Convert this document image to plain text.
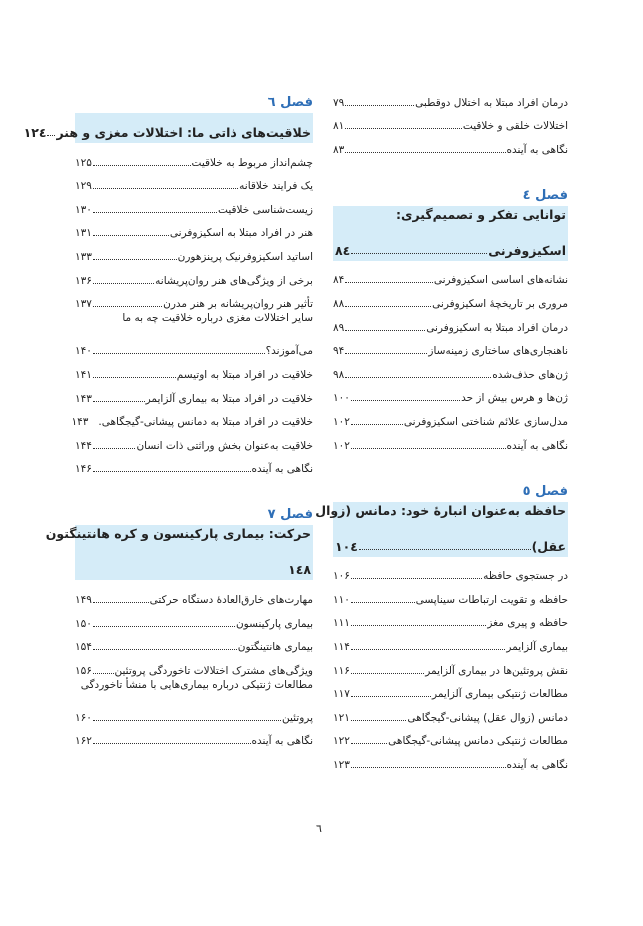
درمان افراد مبتلا به اختلال دوقطبی
۷۹
اختلالات خلقی و خلاقیت
۸۱
نگاهی به آینده
۸۳
فصل ٤
توانایی تفکر و تصمیم‌گیری:
اسکیزوفرنی
۸٤
نشانه‌های اساسی اسکیزوفرنی
۸۴
مروری بر تاریخچهٔ اسکیزوفرنی
۸۸
درمان افراد مبتلا به اسکیزوفرنی
۸۹
ناهنجاری‌های ساختاری زمینه‌ساز
۹۴
ژن‌های حذف‌شده
۹۸
ژن‌ها و هرس بیش از حد
۱۰۰
مدل‌سازی علائم شناختی اسکیزوفرنی
۱۰۲
نگاهی به آینده
۱۰۲
فصل ٥
حافظه به‌عنوان انبارهٔ خود: دمانس (زوال
عقل)
۱۰٤
در جستجوی حافظه
۱۰۶
حافظه و تقویت ارتباطات سیناپسی
۱۱۰
حافظه و پیری مغز
۱۱۱
بیماری آلزایمر
۱۱۴
نقش پروتئین‌ها در بیماری آلزایمر
۱۱۶
مطالعات ژنتیکی بیماری آلزایمر
۱۱۷
دمانس (زوال عقل) پیشانی-گیجگاهی
۱۲۱
مطالعات ژنتیکی دمانس پیشانی-گیجگاهی
۱۲۲
نگاهی به آینده
۱۲۳
فصل ٦
خلاقیت‌های ذاتی ما: اختلالات مغزی و هنر
۱۲٤
چشم‌انداز مربوط به خلاقیت
۱۲۵
یک فرایند خلاقانه
۱۲۹
زیست‌شناسی خلاقیت
۱۳۰
هنر در افراد مبتلا به اسکیزوفرنی
۱۳۱
اساتید اسکیزوفرنیک پرینزهورن
۱۳۳
برخی از ویژگی‌های هنر روان‌پریشانه
۱۳۶
تأثیر هنر روان‌پریشانه بر هنر مدرن
۱۳۷
سایر اختلالات مغزی درباره خلاقیت چه به ما
می‌آموزند؟
۱۴۰
خلاقیت در افراد مبتلا به اوتیسم
۱۴۱
خلاقیت در افراد مبتلا به بیماری آلزایمر
۱۴۳
خلاقیت در افراد مبتلا به دمانس پیشانی-گیجگاهی.
۱۴۳
خلاقیت به‌عنوان بخش وراثتی ذات انسان
۱۴۴
نگاهی به آینده
۱۴۶
فصل ۷
حرکت: بیماری پارکینسون و کره هانتینگتون
۱٤۸
مهارت‌های خارق‌العادهٔ دستگاه حرکتی
۱۴۹
بیماری پارکینسون
۱۵۰
بیماری هانتینگتون
۱۵۴
ویژگی‌های مشترک اختلالات تاخوردگی پروتئین
۱۵۶
مطالعات ژنتیکی درباره بیماری‌هایی با منشأ تاخوردگی
پروتئین
۱۶۰
نگاهی به آینده
۱۶۲
٦
